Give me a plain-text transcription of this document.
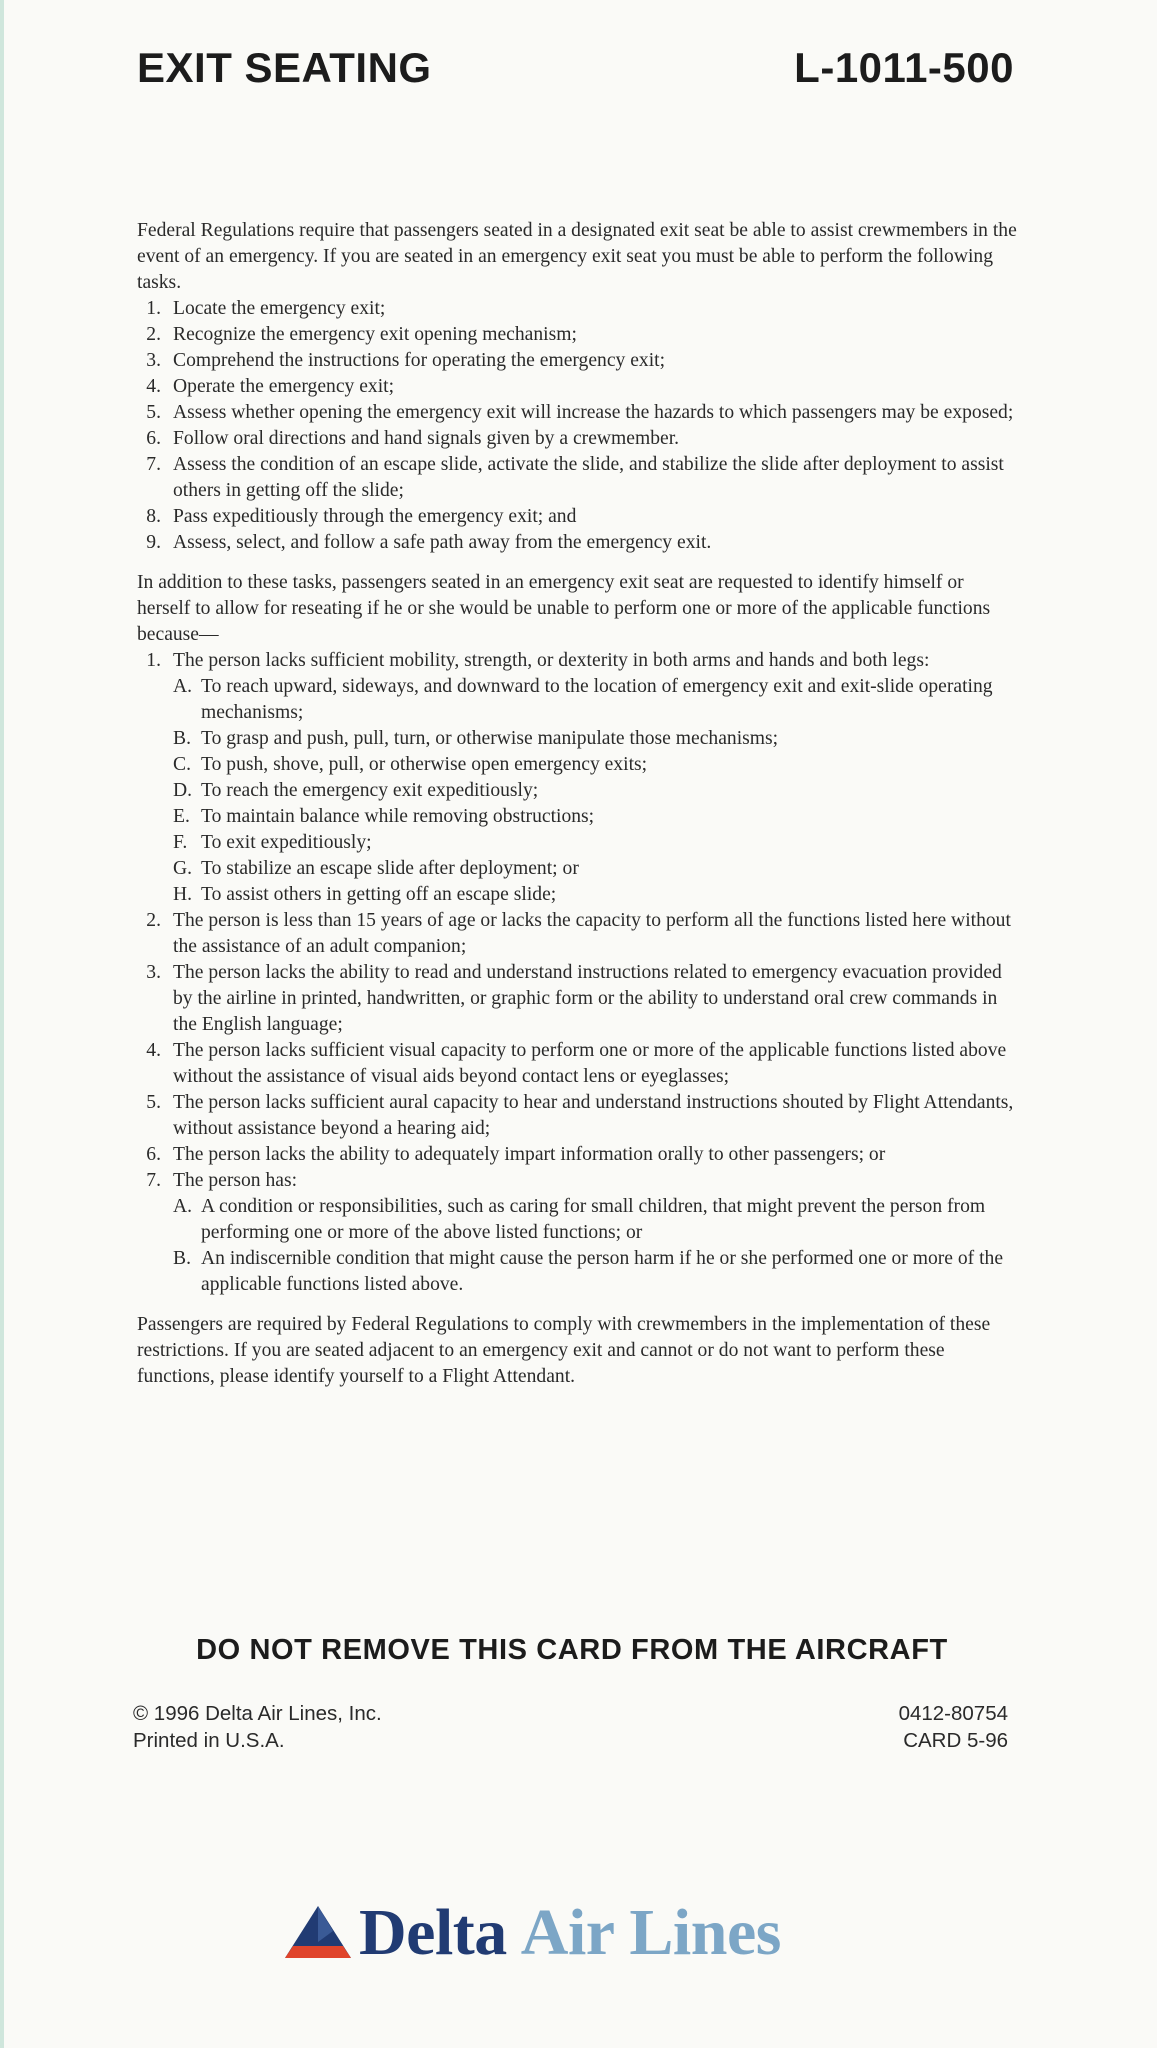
EXIT SEATING	L-1011-500

Federal Regulations require that passengers seated in a designated exit seat be able to assist crewmembers in the event of an emergency. If you are seated in an emergency exit seat you must be able to perform the following tasks.

1. Locate the emergency exit;
2. Recognize the emergency exit opening mechanism;
3. Comprehend the instructions for operating the emergency exit;
4. Operate the emergency exit;
5. Assess whether opening the emergency exit will increase the hazards to which passengers may be exposed;
6. Follow oral directions and hand signals given by a crewmember.
7. Assess the condition of an escape slide, activate the slide, and stabilize the slide after deployment to assist others in getting off the slide;
8. Pass expeditiously through the emergency exit; and
9. Assess, select, and follow a safe path away from the emergency exit.

In addition to these tasks, passengers seated in an emergency exit seat are requested to identify himself or herself to allow for reseating if he or she would be unable to perform one or more of the applicable functions because—

1. The person lacks sufficient mobility, strength, or dexterity in both arms and hands and both legs:
A. To reach upward, sideways, and downward to the location of emergency exit and exit-slide operating mechanisms;
B. To grasp and push, pull, turn, or otherwise manipulate those mechanisms;
C. To push, shove, pull, or otherwise open emergency exits;
D. To reach the emergency exit expeditiously;
E. To maintain balance while removing obstructions;
F. To exit expeditiously;
G. To stabilize an escape slide after deployment; or
H. To assist others in getting off an escape slide;
2. The person is less than 15 years of age or lacks the capacity to perform all the functions listed here without the assistance of an adult companion;
3. The person lacks the ability to read and understand instructions related to emergency evacuation provided by the airline in printed, handwritten, or graphic form or the ability to understand oral crew commands in the English language;
4. The person lacks sufficient visual capacity to perform one or more of the applicable functions listed above without the assistance of visual aids beyond contact lens or eyeglasses;
5. The person lacks sufficient aural capacity to hear and understand instructions shouted by Flight Attendants, without assistance beyond a hearing aid;
6. The person lacks the ability to adequately impart information orally to other passengers; or
7. The person has:
A. A condition or responsibilities, such as caring for small children, that might prevent the person from performing one or more of the above listed functions; or
B. An indiscernible condition that might cause the person harm if he or she performed one or more of the applicable functions listed above.

Passengers are required by Federal Regulations to comply with crewmembers in the implementation of these restrictions. If you are seated adjacent to an emergency exit and cannot or do not want to perform these functions, please identify yourself to a Flight Attendant.

DO NOT REMOVE THIS CARD FROM THE AIRCRAFT
© 1996 Delta Air Lines, Inc.
Printed in U.S.A.
0412-80754
CARD 5-96
Delta Air Lines
